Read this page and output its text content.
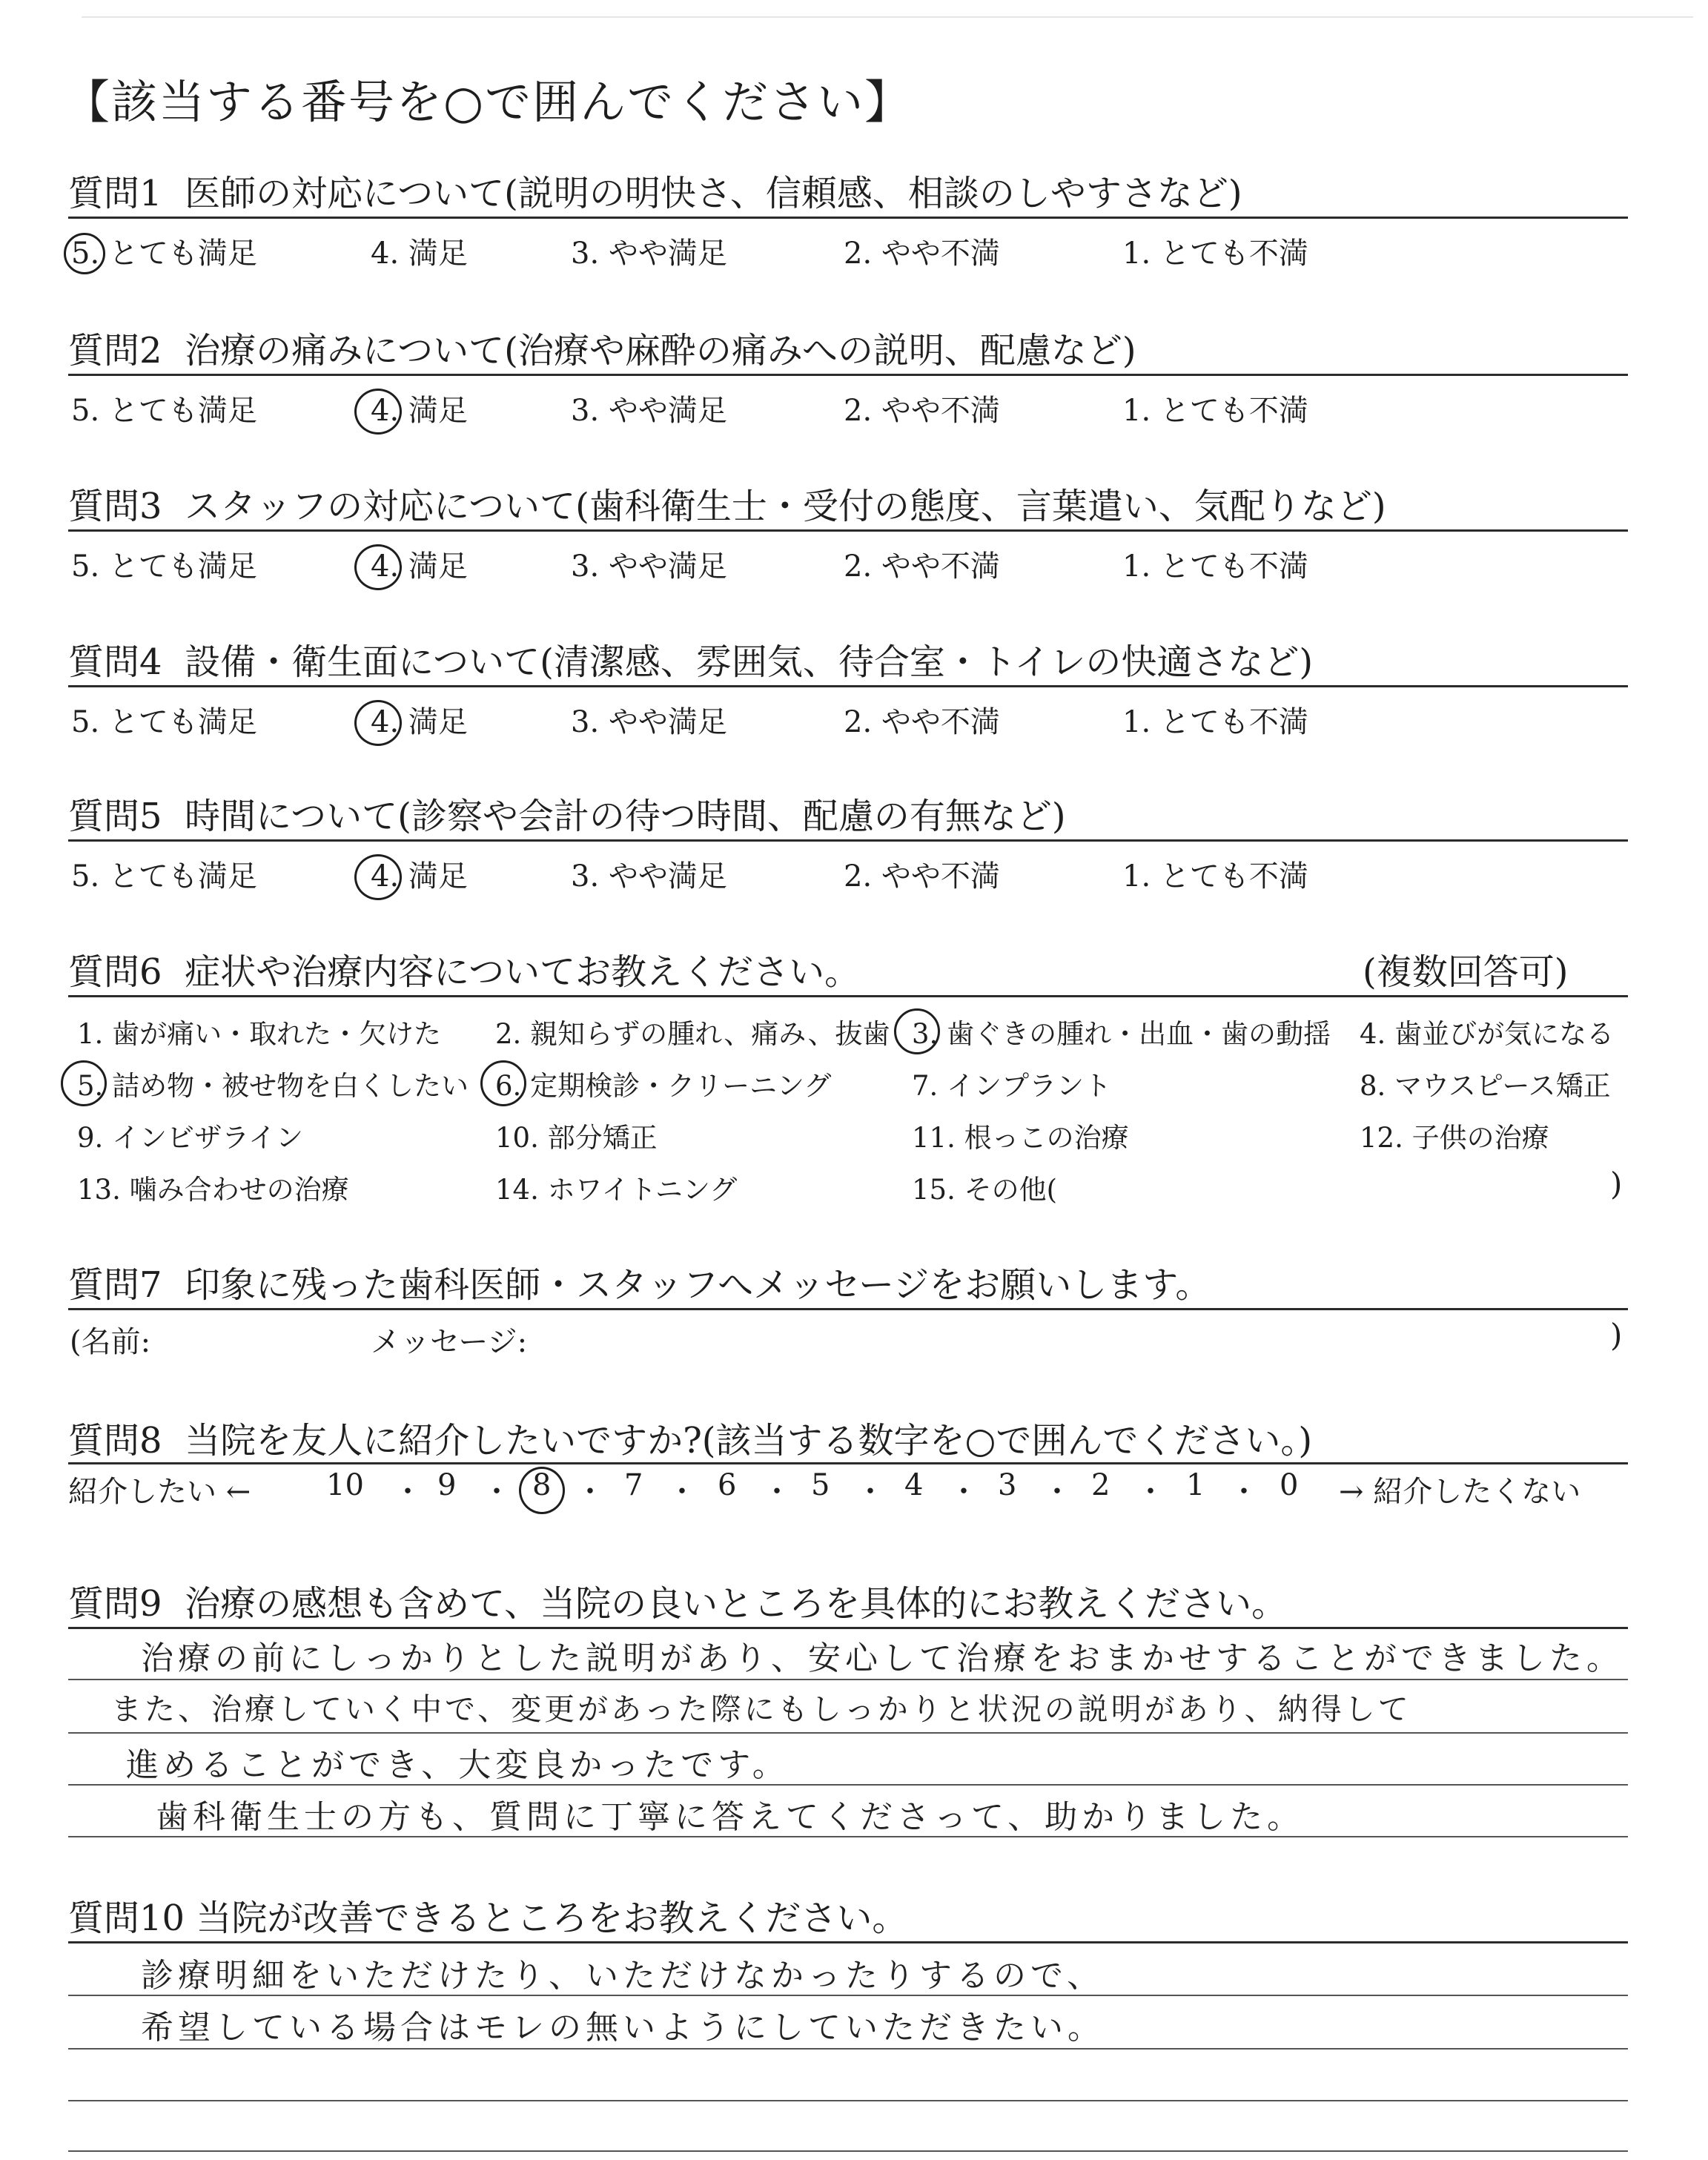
【該当する番号を○で囲んでください】
質問1 医師の対応について(説明の明快さ、信頼感、相談のしやすさなど)
5. とても満足	4. 満足	3. やや満足	2. やや不満	1. とても不満
質問2 治療の痛みについて(治療や麻酔の痛みへの説明、配慮など)
5. とても満足	4. 満足	3. やや満足	2. やや不満	1. とても不満
質問3 スタッフの対応について(歯科衛生士・受付の態度、言葉遣い、気配りなど)
5. とても満足	4. 満足	3. やや満足	2. やや不満	1. とても不満
質問4 設備・衛生面について(清潔感、雰囲気、待合室・トイレの快適さなど)
5. とても満足	4. 満足	3. やや満足	2. やや不満	1. とても不満
質問5 時間について(診察や会計の待つ時間、配慮の有無など)
5. とても満足	4. 満足	3. やや満足	2. やや不満	1. とても不満
質問6 症状や治療内容についてお教えください。	(複数回答可)
1. 歯が痛い・取れた・欠けた 2. 親知らずの腫れ、痛み、抜歯 3. 歯ぐきの腫れ・出血・歯の動揺 4. 歯並びが気になる
5. 詰め物・被せ物を白くしたい 6. 定期検診・クリーニング	7. インプラント	8. マウスピース矯正
9. インビザライン	10. 部分矯正	11. 根っこの治療	12. 子供の治療
13. 噛み合わせの治療	14. ホワイトニング	15. その他(	)
質問7 印象に残った歯科医師・スタッフへメッセージをお願いします。
(名前:	メッセージ:	)
質問8 当院を友人に紹介したいですか?(該当する数字を○で囲んでください。)
紹介したい ←	10 ・ 9 ・ 8 ・ 7 ・ 6 ・ 5 ・ 4 ・ 3 ・ 2 ・ 1 ・ 0 → 紹介したくない
質問9 治療の感想も含めて、当院の良いところを具体的にお教えください。
治療の前にしっかりとした説明があり、安心して治療をおまかせすることができました。
また、治療していく中で、変更があった際にもしっかりと状況の説明があり、納得して
進めることができ、大変良かったです。
歯科衛生士の方も、質問に丁寧に答えてくださって、助かりました。
質問10 当院が改善できるところをお教えください。
診療明細をいただけたり、いただけなかったりするので、
希望している場合はモレの無いようにしていただきたい。
